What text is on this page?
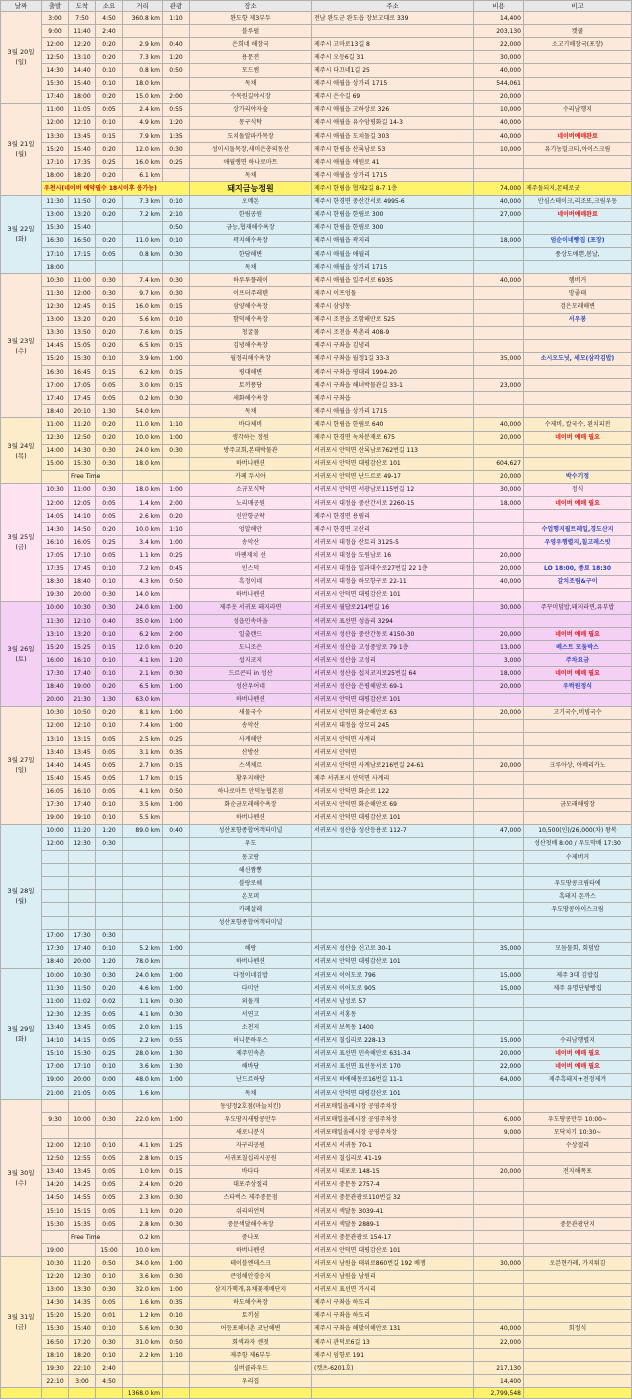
날짜	출발	도착	소요	거리	관광	장소	주소	비용	비고
3월 20일 (일)	3:00	7:50	4:50	360.8 km	1:10	완도항 제3부두	전남 완도군 완도읍 장보고대로 339	14,400	
	9:00	11:40	2:40			블루펄		203,130	캣쿨
	12:00	12:20	0:20	2.9 km	0:40	은희네 해장국	제주시 고마로13길 8	22,000	소고기해장국(포장)
	12:50	13:10	0:20	7.3 km	1:20	용문전	제주시 오등6길 31	30,000	
	14:30	14:40	0:10	0.8 km	0:50	모드썸	제주시 다끄네1길 25	40,000	
	15:30	15:40	0:10	18.0 km		독채	제주시 애월읍 상가리 1715	544,061	
	17:40	18:00	0:20	15.0 km	2:00	수목원길야시장	제주시 은수길 69	20,000	
3월 21일 (월)	11:00	11:05	0:05	2.4 km	0:55	상가리야자숲	제주시 애월읍 고하상로 326	10,000	수리남행지
	12:00	12:10	0:10	4.9 km	1:20	몽구식탁	제주시 애월읍 유수암평화길 14-3	40,000	
	13:30	13:45	0:15	7.9 km	1:35	도치돌알파카목장	제주시 애월읍 도치돌길 303	40,000	네이버예매완료
	15:20	15:40	0:20	12.0 km	0:30	성이시돌목장,새미은총의동산	제주시 한림읍 산록남로 53	10,000	유기농밀크티,아이스크림
	17:10	17:35	0:25	16.0 km	0:25	애월랭면 하나로마트	제주시 애월읍 애원로 41		
	18:00	18:20	0:20	6.1 km		독채	제주시 애월읍 상가리 1715		
	우천시(네이버 예약필수 18시이후 응가능)					돼지금능정원	제주시 한림읍 협재2길 8-7 1층	74,000	제주돌되지,몬떼로굿
3월 22일 (화)	11:30	11:50	0:20	7.3 km	0:10	오메돈	제주시 한경면 중산간서로 4995-6	40,000	안심스테이크,리조또,크림우동
	13:00	13:20	0:20	7.2 km	2:10	한림공원	제주시 한림읍 한림로 300	27,000	네이버예매완료
	15:30	15:40			0:50	금능,협재해수욕장	제주시 한림읍 한림로 300		
	16:30	16:50	0:20	11.0 km	0:10	곽지해수욕장	제주시 애월읍 곽지리	18,000	엄순이네빵집 (포장)
	17:10	17:15	0:05	0.8 km	0:30	한담해변	제주시 애월읍 애월리		풍상도애쁜,봄날,
	18:00					독채	제주시 애월읍 상가리 1715		
3월 23일 (수)	10:30	11:00	0:30	7.4 km	0:30	하루투플레이	제주시 애월읍 일주서로 6935	40,000	햄버거
	11:30	12:00	0:30	9.7 km	0:30	이프터주레텐	제주시 이프엉돌		망좋태
	12:30	12:45	0:15	16.0 km	0:15	삼양해수욕장	제주시 삼양동		검은모래해변
	13:00	13:20	0:20	5.6 km	0:10	함덕해수욕장	제주시 조천읍 조함해안로 525		서우봉
	13:30	13:50	0:20	7.6 km	0:15	청굴물	제주시 조천읍 북촌리 408-9		
	14:45	15:05	0:20	6.5 km	0:15	김녕해수욕장	제주시 구좌읍 김녕리		
	15:20	15:30	0:10	3.9 km	1:00	월정리해수욕장	제주시 구좌읍 월정1길 33-3	35,000	소시오도넛, 세모(삼각김밥)
	16:30	16:45	0:15	6.2 km	0:15	평대해변	제주시 구좌읍 평대리 1994-20		
	17:00	17:05	0:05	3.0 km	0:15	토끼풍당	제주시 구좌읍 해녀박물관길 33-1	23,000	
	17:40	17:45	0:05	0.2 km	0:30	세화해수욕장	제주시 구좌읍		
	18:40	20:10	1:30	54.0 km		독채	제주시 애월읍 상가리 1715		
3월 24일 (목)	11:00	11:20	0:20	11.0 km	1:10	바다체비	제주시 한림읍 한림로 640	40,000	수제비, 칼국수, 왼치피전
	12:30	12:50	0:20	10.0 km	1:00	생각하는 정원	제주시 한경면 녹차분재로 675	20,000	네이버 예매 필요
	14:00	14:30	0:30	24.0 km	0:30	방주교회,본태박물관	서귀포시 안덕면 산록남로762번길 113		
	15:00	15:30	0:30	18.0 km		하버나펜션	서귀포시 안덕면 대평감산로 101	604,627	
		Free Time				카페 두시아	서귀포시 안덕면 난드르로 49-17	20,000	박수기정
3월 25일 (금)	10:30	11:00	0:30	18.0 km	1:00	소규모식탁	서귀포시 안덕면 서광남로115번길 12	30,000	정식
	12:00	12:05	0:05	1.4 km	2:00	노리매공원	서귀포시 대정읍 중산간서로 2260-15	18,000	네이버 예매 필요
	14:05	14:10	0:05	2.6 km	0:20	신안항군락	제주시 한경면 용림리		
	14:30	14:50	0:20	10.0 km	1:10	엉알해안	제주시 한경면 고산리		수업행지필트레일,경도산지
	16:10	16:05	0:25	3.4 km	1:00	송악산	서귀포시 대정읍 산토리 3125-5		우영우행렬지,칠고레스빗
	17:05	17:10	0:05	1.1 km	0:25	마팬재치 선	서귀포시 대정읍 도원남로 16	20,000	
	17:35	17:45	0:10	7.2 km	0:45	인스덕	서귀포시 대정읍 일과대수로27번길 22 1층	20,000	LO 18:00, 종료 18:30
	18:30	18:40	0:10	4.3 km	0:50	흑정이네	서귀포시 대정읍 하모항구로 22-11	40,000	갈치조림&구이
	19:30	20:00	0:30	14.0 km		하버나펜션	서귀포시 안덕면 대평감산로 101		
3월 26일 (토)	10:00	10:30	0:30	24.0 km	1:00	제주옷 서귀포 돼지라면	서귀포시 월답로214번길 16	30,000	주꾸미덮밥,돼지라면,유부밥
	11:30	12:10	0:40	35.0 km	1:00	성읍민속마을	서귀포시 표선면 성읍리 3294		
	13:10	13:20	0:10	6.2 km	2:00	일출랜드	서귀포시 성산읍 중산간동로 4150-30	20,000	네이버 예매 필요
	15:20	15:25	0:15	12.0 km	0:20	도니조은	서귀포시 성산읍 고성중앙로 79 1층	13,000	베스트 모둠박스
	16:00	16:10	0:10	4.1 km	1:20	섭지코지	서귀포시 성산읍 고성리	3,000	주차요금
	17:30	17:40	0:10	2.1 km	0:30	드르콘티 in 성산	서귀포시 성산읍 섭지코지로25번길 64	18,000	네이버 예매 필요
	18:40	19:00	0:20	6.5 km	1:00	성산우어네	서귀포시 성산읍 은평해암로 69-1	20,000	우럭원정식
	20:00	21:30	1:30	63.0 km		하버나펜션	서귀포시 안덕면 대평감산로 101		
3월 27일 (일)	10:30	10:50	0:20	8.1 km	1:00	새물국수	서귀포시 안덕면 화순해안로 63	20,000	고기국수,비빔국수
	12:00	12:10	0:10	7.4 km	1:00	송악산	서귀포시 대정읍 상모리 245		
	13:10	13:15	0:05	2.5 km	0:25	사계해안	서귀포시 안덕면 사계리		
	13:40	13:45	0:05	3.1 km	0:35	산방산	서귀포시 안덕면		
	14:40	14:45	0:05	2.7 km	0:15	스색체르	서귀포시 안덕면 사계남로216번길 24-61	20,000	크루아상, 아메리카노
	15:40	15:45	0:05	1.7 km	0:15	황우지해안	제주 서귀포시 안덕면 사계리		
	16:05	16:10	0:05	4.1 km	0:50	하나로마트 안덕농협본점	서귀포시 안덕면 화순로 122		
	17:30	17:40	0:10	3.5 km	1:00	화순금모래해수욕장	서귀포시 안덕면 화순해안로 69		금모래해평장
	19:00	19:10	0:10	5.5 km		하버나펜션	서귀포시 안덕면 대평감산로 101		
3월 28일 (월)	10:00	11:20	1:20	89.0 km	0:40	성산포항종합여객터미널	서귀포시 성산읍 성산등용로 112-7	47,000	10,500(인)/26,000(차) 왕복
	12:00	12:30	0:30			우도			성산첫배 8:00 / 우도막배 17:30
						동고랑			수제버거
						해신짬뽕			
						블랑로쉐			우도땅콩크림타에
						온모퍼			흑돼지 돈까스
						카페살레			우도땅콩아이스크림
						성산포항종합여객터미널			
	17:00	17:30	0:30						
	17:30	17:40	0:10	5.2 km	1:00	해랑	서귀포시 성산읍 신고로 30-1	35,000	모듬물회, 회덮밥
	18:40	20:00	1:20	78.0 km		하버나펜션	서귀포시 안덕면 대평감산로 101		
3월 29일 (화)	10:00	10:30	0:30	24.0 km	1:00	다정이네김밥	서귀포시 이어도로 796	15,000	제주 3대 김밥집
	11:30	11:50	0:20	4.6 km	1:00	다미안	서귀포시 이어도로 905	15,000	제주 유명단팥빵집
	11:00	11:02	0:02	1.1 km	0:30	외돌개	서귀포시 남성로 57		
	12:30	12:35	0:05	4.1 km	0:30	서연고	서귀포시 서홍동		
	13:40	13:45	0:05	2.0 km	1:15	소천지	서귀포시 보목동 1400		
	14:10	14:15	0:05	2.2 km	0:55	허니문하우스	서귀포시 칠십리로 228-13	15,000	수리남행렬지
	15:10	15:30	0:25	28.0 km	1:30	제주민속촌	서귀포시 표선면 민속해안로 631-34	20,000	네이버 예매 필요
	17:00	17:10	0:10	3.6 km	1:30	해바당	서귀포시 표선면 표선동서로 170	22,000	네이버 예매 필요
	19:00	20:00	0:00	48.0 km	1:00	난드르하당	서귀포시 하예해동로16번길 11-1	64,000	제주흑돼지+전정제겨
	21:00	21:05	0:05	1.6 km		독채	서귀포시 안덕면 대평감산로 101		
3월 30일 (수)						동양정2호점(마늘치킨)	서귀포매일올레시장 공영주차장		
	9:30	10:00	0:30	22.0 km	1:00	우도땅지새땅콩만두	서귀포매일올레시장 공영주차장	6,000	우도땅콩만두 10:00~
						새로니분식	서귀포매일올레시장 공영주차장	9,000	모닥치기 10:30~
	12:00	12:10	0:10	4.1 km	1:25	자구리공원	서귀포시 서귀동 70-1		수상절리
	12:50	12:55	0:05	2.8 km	0:15	서귀포칠십리시공원	서귀포시 칠십리로 41-19		
	13:40	13:45	0:05	1.0 km	0:15	바다다	서귀포시 대포로 148-15	20,000	전지해폭포
	14:20	14:25	0:05	2.4 km	0:20	대포주상절리	서귀포시 중문동 2757-4		
	14:50	14:55	0:05	2.3 km	0:30	스타벅스 제주중문점	서귀포시 중문관광로110번길 32		
	15:10	15:15	0:05	1.1 km	0:20	쉬리의언덕	서귀포시 색달동 3039-41		
	15:30	15:35	0:05	2.8 km	0:30	중문색달해수욕장	서귀포시 색달동 2889-1		중문관광단지
		Free Time		0.2 km		중나포	서귀포시 중문관광로 154-17		
	19:00		15:00	10.0 km		하버나펜션	서귀포시 안덕면 대평감산로 101		
3월 31일 (금)	10:30	11:20	0:50	34.0 km	1:00	테이블엔데스크	서귀포시 남원읍 태위로860번길 192 배쟁	30,000	오븐현카레, 가지튀김
	12:20	12:30	0:10	3.6 km	0:30	큰엉해안경승지	서귀포시 남원읍 남원리		
	13:00	13:30	0:30	32.0 km	1:00	삼지가핵개,유채꽃재배단지	서귀포시 표선면 가시리		
	14:30	14:35	0:05	1.6 km	0:35	하도해수욕장	제주시 구좌읍 하도리		
	15:20	15:20	0:01	1.2 km	0:10	토끼섬	제주시 구좌읍 하도리		
	15:30	15:40	0:10	5.6 km	0:30	어등포해녀촌 코난해변	제주시 구좌읍 해맞이해안로 131	40,000	회정식
	16:50	17:20	0:30	31.0 km	0:50	회색과자 센젓	제주시 관덕로6길 13	22,000	
	18:10	18:20	0:10	2.2 km	1:10	제주항 제6부두	제주시 임항로 191		
	19:30	22:10	2:40			실버클라우드	(켓츠-6201호)	217,130	
	22:10	3:00	4:50			우리집		14,400	
				1368.0 km				2,799,548	
